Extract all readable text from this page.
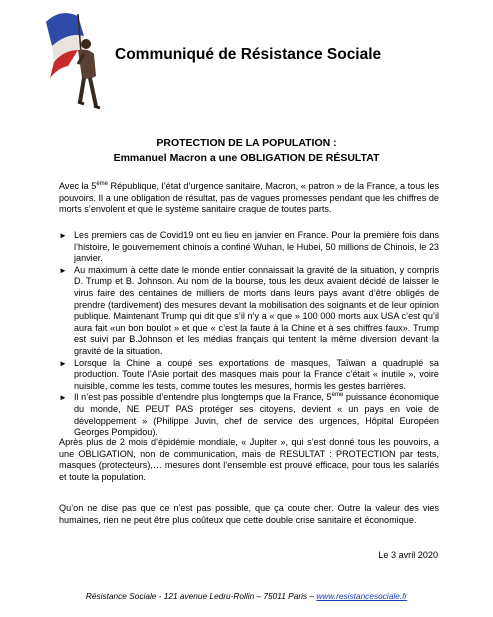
Communiqué de Résistance Sociale
PROTECTION DE LA POPULATION :
Emmanuel Macron a une OBLIGATION DE RÉSULTAT

Avec la 5ème République, l’état d’urgence sanitaire, Macron, « patron » de la France, a tous les pouvoirs. Il a une obligation de résultat, pas de vagues promesses pendant que les chiffres de morts s’envolent et que le système sanitaire craque de toutes parts.

► Les premiers cas de Covid19 ont eu lieu en janvier en France. Pour la première fois dans l’histoire, le gouvernement chinois a confiné Wuhan, le Hubei, 50 millions de Chinois, le 23 janvier.

► Au maximum à cette date le monde entier connaissait la gravité de la situation, y compris D. Trump et B. Johnson. Au nom de la bourse, tous les deux avaient décidé de laisser le virus faire des centaines de milliers de morts dans leurs pays avant d’être obligés de prendre (tardivement) des mesures devant la mobilisation des soignants et de leur opinion publique. Maintenant Trump qui dit que s’il n’y a « que » 100 000 morts aux USA c’est qu’il aura fait «un bon boulot » et que « c’est la faute à la Chine et à ses chiffres faux». Trump est suivi par B.Johnson et les médias français qui tentent la même diversion devant la gravité de la situation.

► Lorsque la Chine a coupé ses exportations de masques, Taïwan a quadruplé sa production. Toute l’Asie portait des masques mais pour la France c’était « inutile », voire nuisible, comme les tests, comme toutes les mesures, hormis les gestes barrières.

► Il n’est pas possible d’entendre plus longtemps que la France, 5ème puissance économique du monde, NE PEUT PAS protéger ses citoyens, devient « un pays en voie de développement » (Philippe Juvin, chef de service des urgences, Hôpital Européen Georges Pompidou).

Après plus de 2 mois d’épidémie mondiale, « Jupiter », qui s’est donné tous les pouvoirs, a une OBLIGATION, non de communication, mais de RESULTAT : PROTECTION par tests, masques (protecteurs),… mesures dont l’ensemble est prouvé efficace, pour tous les salariés et toute la population.

Qu’on ne dise pas que ce n’est pas possible, que ça coute cher. Outre la valeur des vies humaines, rien ne peut être plus coûteux que cette double crise sanitaire et économique.

Le 3 avril 2020
Résistance Sociale - 121 avenue Ledru-Rollin – 75011 Paris – www.resistancesociale.fr
